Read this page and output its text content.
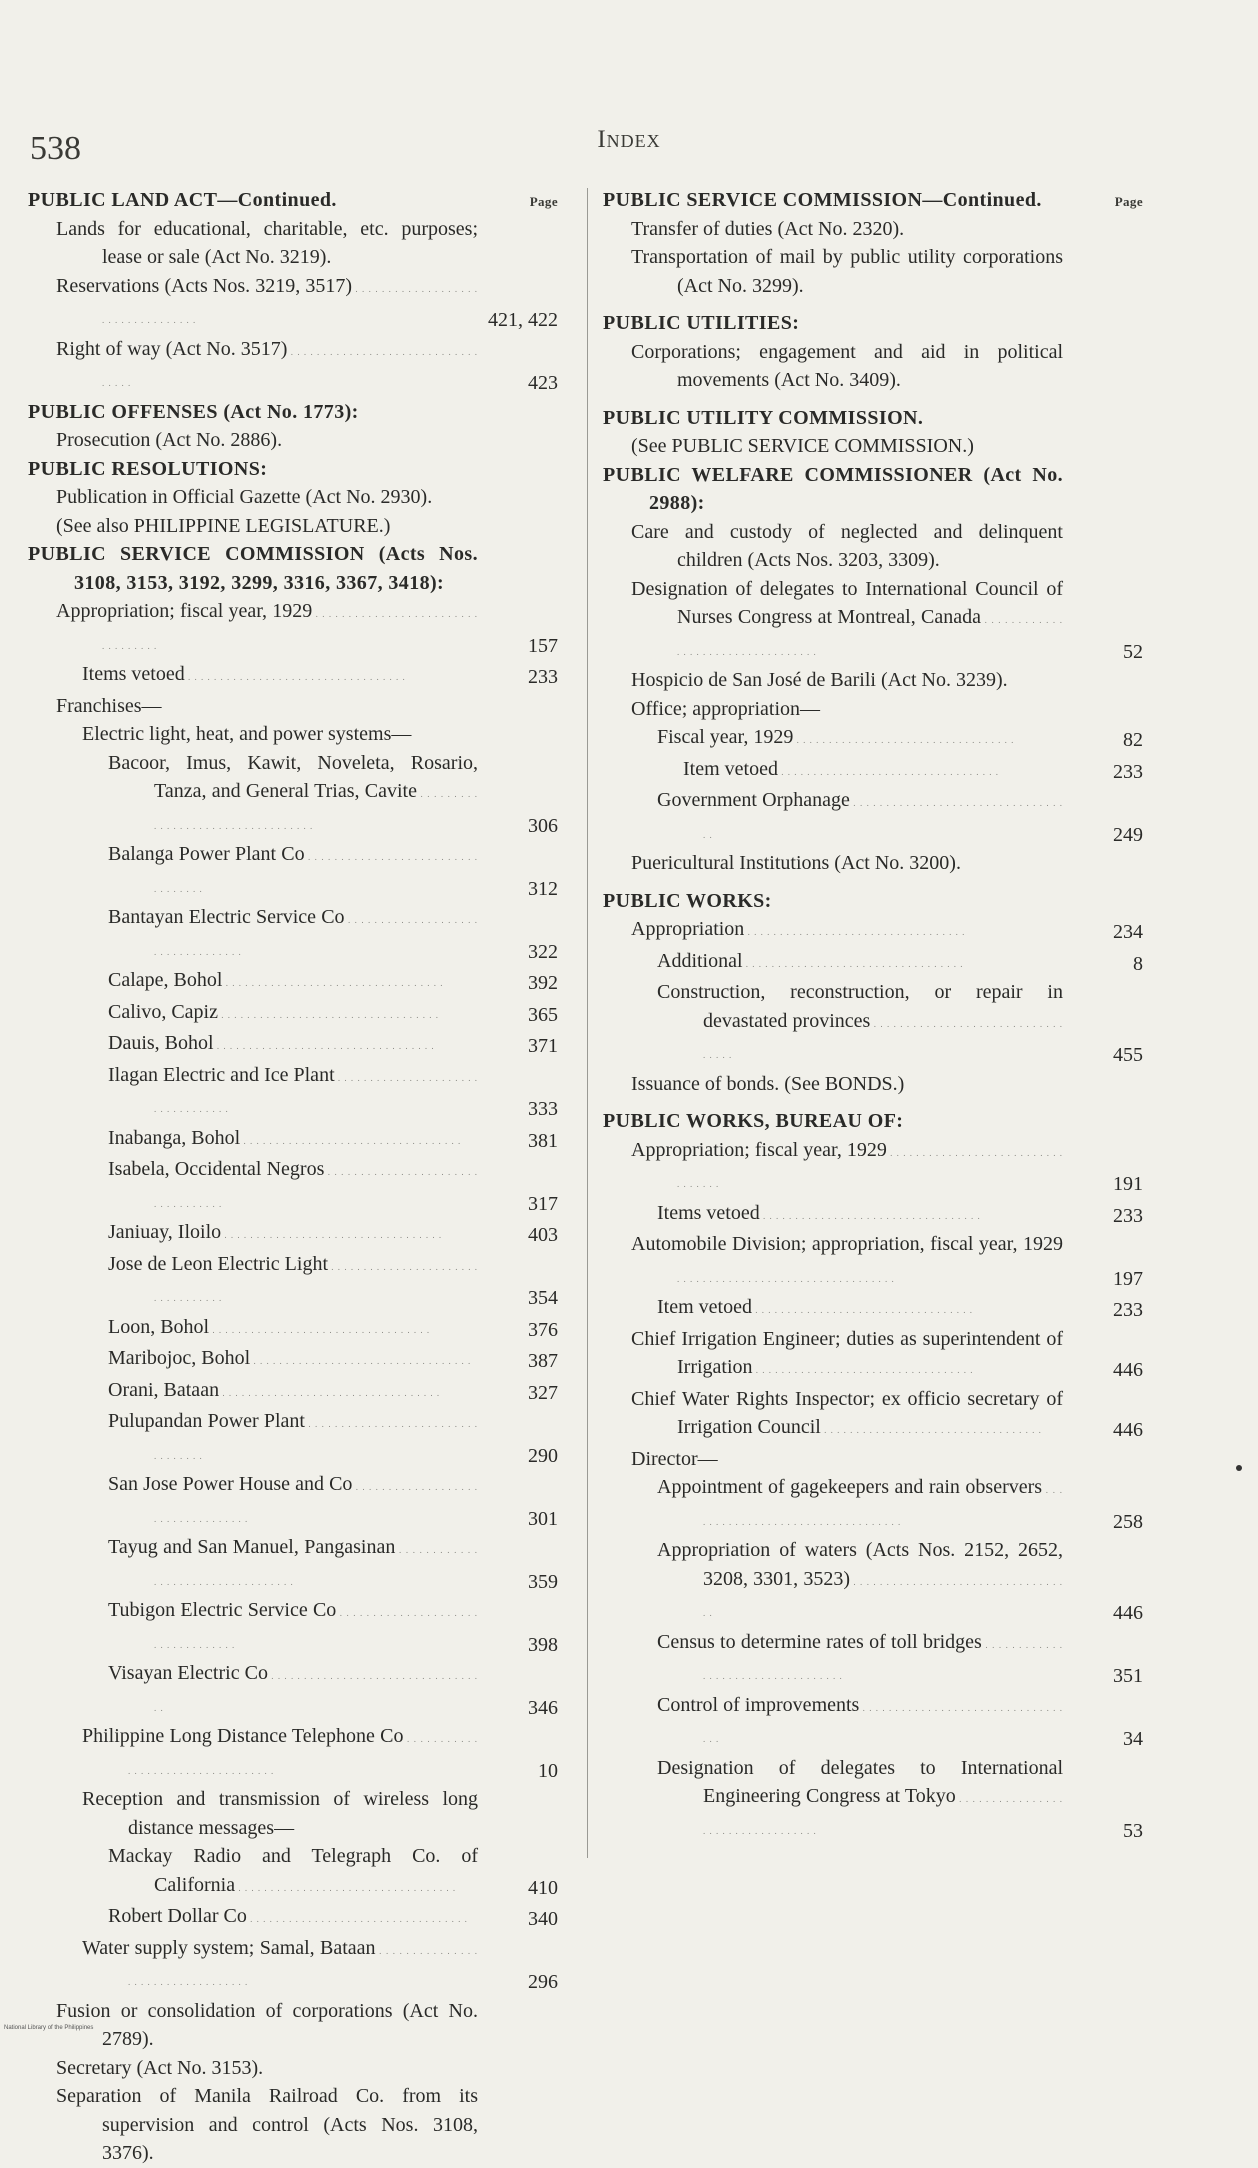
538	Index
PUBLIC LAND ACT—Continued.	Page
Lands for educational, charitable, etc. purposes; lease or sale (Act No. 3219).
Reservations (Acts Nos. 3219, 3517) . . .
421, 422
Right of way (Act No. 3517) . . .
423
PUBLIC OFFENSES (Act No. 1773):
Prosecution (Act No. 2886).
PUBLIC RESOLUTIONS:
Publication in Official Gazette (Act No. 2930).
(See also PHILIPPINE LEGISLATURE.)
PUBLIC SERVICE COMMISSION (Acts Nos. 3108, 3153, 3192, 3299, 3316, 3367, 3418):
Appropriation; fiscal year, 1929 . . .
157
Items vetoed . . .	233
Franchises—
Electric light, heat, and power systems—
Bacoor, Imus, Kawit, Noveleta, Rosario, Tanza, and General Trias, Cavite . . .
306
Balanga Power Plant Co . . .
312
Bantayan Electric Service Co . . .
322
Calape, Bohol . . .	392
Calivo, Capiz . . .	365
Dauis, Bohol . . .	371
Ilagan Electric and Ice Plant . . .
333
Inabanga, Bohol . . .	381
Isabela, Occidental Negros . . .
317
Janiuay, Iloilo . . .	403
Jose de Leon Electric Light . . .
354
Loon, Bohol . . .	376
Maribojoc, Bohol . . .	387
Orani, Bataan . . .	327
Pulupandan Power Plant . . .
290
San Jose Power House and Co . . .
301
Tayug and San Manuel, Pangasinan . . .
359
Tubigon Electric Service Co . . .
398
Visayan Electric Co . . .
346
Philippine Long Distance Telephone Co . . .
10
Reception and transmission of wireless long distance messages—
Mackay Radio and Telegraph Co. of California . . .	410
Robert Dollar Co . . .	340
Water supply system; Samal, Bataan . . .
296
Fusion or consolidation of corporations (Act No. 2789).
Secretary (Act No. 3153).
Separation of Manila Railroad Co. from its supervision and control (Acts Nos. 3108, 3376).
PUBLIC SERVICE COMMISSION—Continued.	Page
Transfer of duties (Act No. 2320).
Transportation of mail by public utility corporations (Act No. 3299).
PUBLIC UTILITIES:
Corporations; engagement and aid in political movements (Act No. 3409).
PUBLIC UTILITY COMMISSION.
(See PUBLIC SERVICE COMMISSION.)
PUBLIC WELFARE COMMISSIONER (Act No. 2988):
Care and custody of neglected and delinquent children (Acts Nos. 3203, 3309).
Designation of delegates to International Council of Nurses Congress at Montreal, Canada . . .
52
Hospicio de San José de Barili (Act No. 3239).
Office; appropriation—
Fiscal year, 1929 . . .	82
Item vetoed . . .	233
Government Orphanage . . .
249
Puericultural Institutions (Act No. 3200).
PUBLIC WORKS:
Appropriation . . .	234
Additional . . .	8
Construction, reconstruction, or repair in devastated provinces . . .
455
Issuance of bonds. (See BONDS.)
PUBLIC WORKS, BUREAU OF:
Appropriation; fiscal year, 1929 . . .
191
Items vetoed . . .	233
Automobile Division; appropriation, fiscal year, 1929 . . .
197
Item vetoed . . .	233
Chief Irrigation Engineer; duties as superintendent of Irrigation . . .	446
Chief Water Rights Inspector; ex officio secretary of Irrigation Council . . .	446
Director—
Appointment of gagekeepers and rain observers . . .
258
Appropriation of waters (Acts Nos. 2152, 2652, 3208, 3301, 3523) . . .
446
Census to determine rates of toll bridges . . .
351
Control of improvements . . .
34
Designation of delegates to International Engineering Congress at Tokyo . . .
53
National Library of the Philippines
